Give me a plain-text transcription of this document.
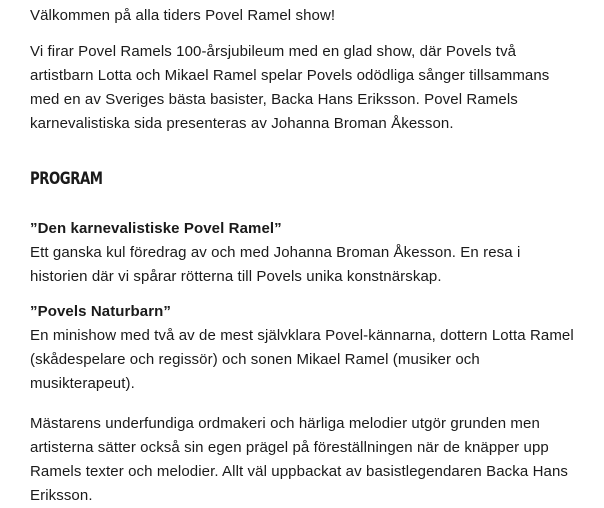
Välkommen på alla tiders Povel Ramel show!

Vi firar Povel Ramels 100-årsjubileum med en glad show, där Povels två artistbarn Lotta och Mikael Ramel spelar Povels odödliga sånger tillsammans med en av Sveriges bästa basister, Backa Hans Eriksson. Povel Ramels karnevalistiska sida presenteras av Johanna Broman Åkesson.

PROGRAM

”Den karnevalistiske Povel Ramel”
Ett ganska kul föredrag av och med Johanna Broman Åkesson. En resa i historien där vi spårar rötterna till Povels unika konstnärskap.

”Povels Naturbarn”
En minishow med två av de mest självklara Povel-kännarna, dottern Lotta Ramel (skådespelare och regissör) och sonen Mikael Ramel (musiker och musikterapeut).

Mästarens underfundiga ordmakeri och härliga melodier utgör grunden men artisterna sätter också sin egen prägel på föreställningen när de knäpper upp Ramels texter och melodier. Allt väl uppbackat av basistlegendaren Backa Hans Eriksson.
